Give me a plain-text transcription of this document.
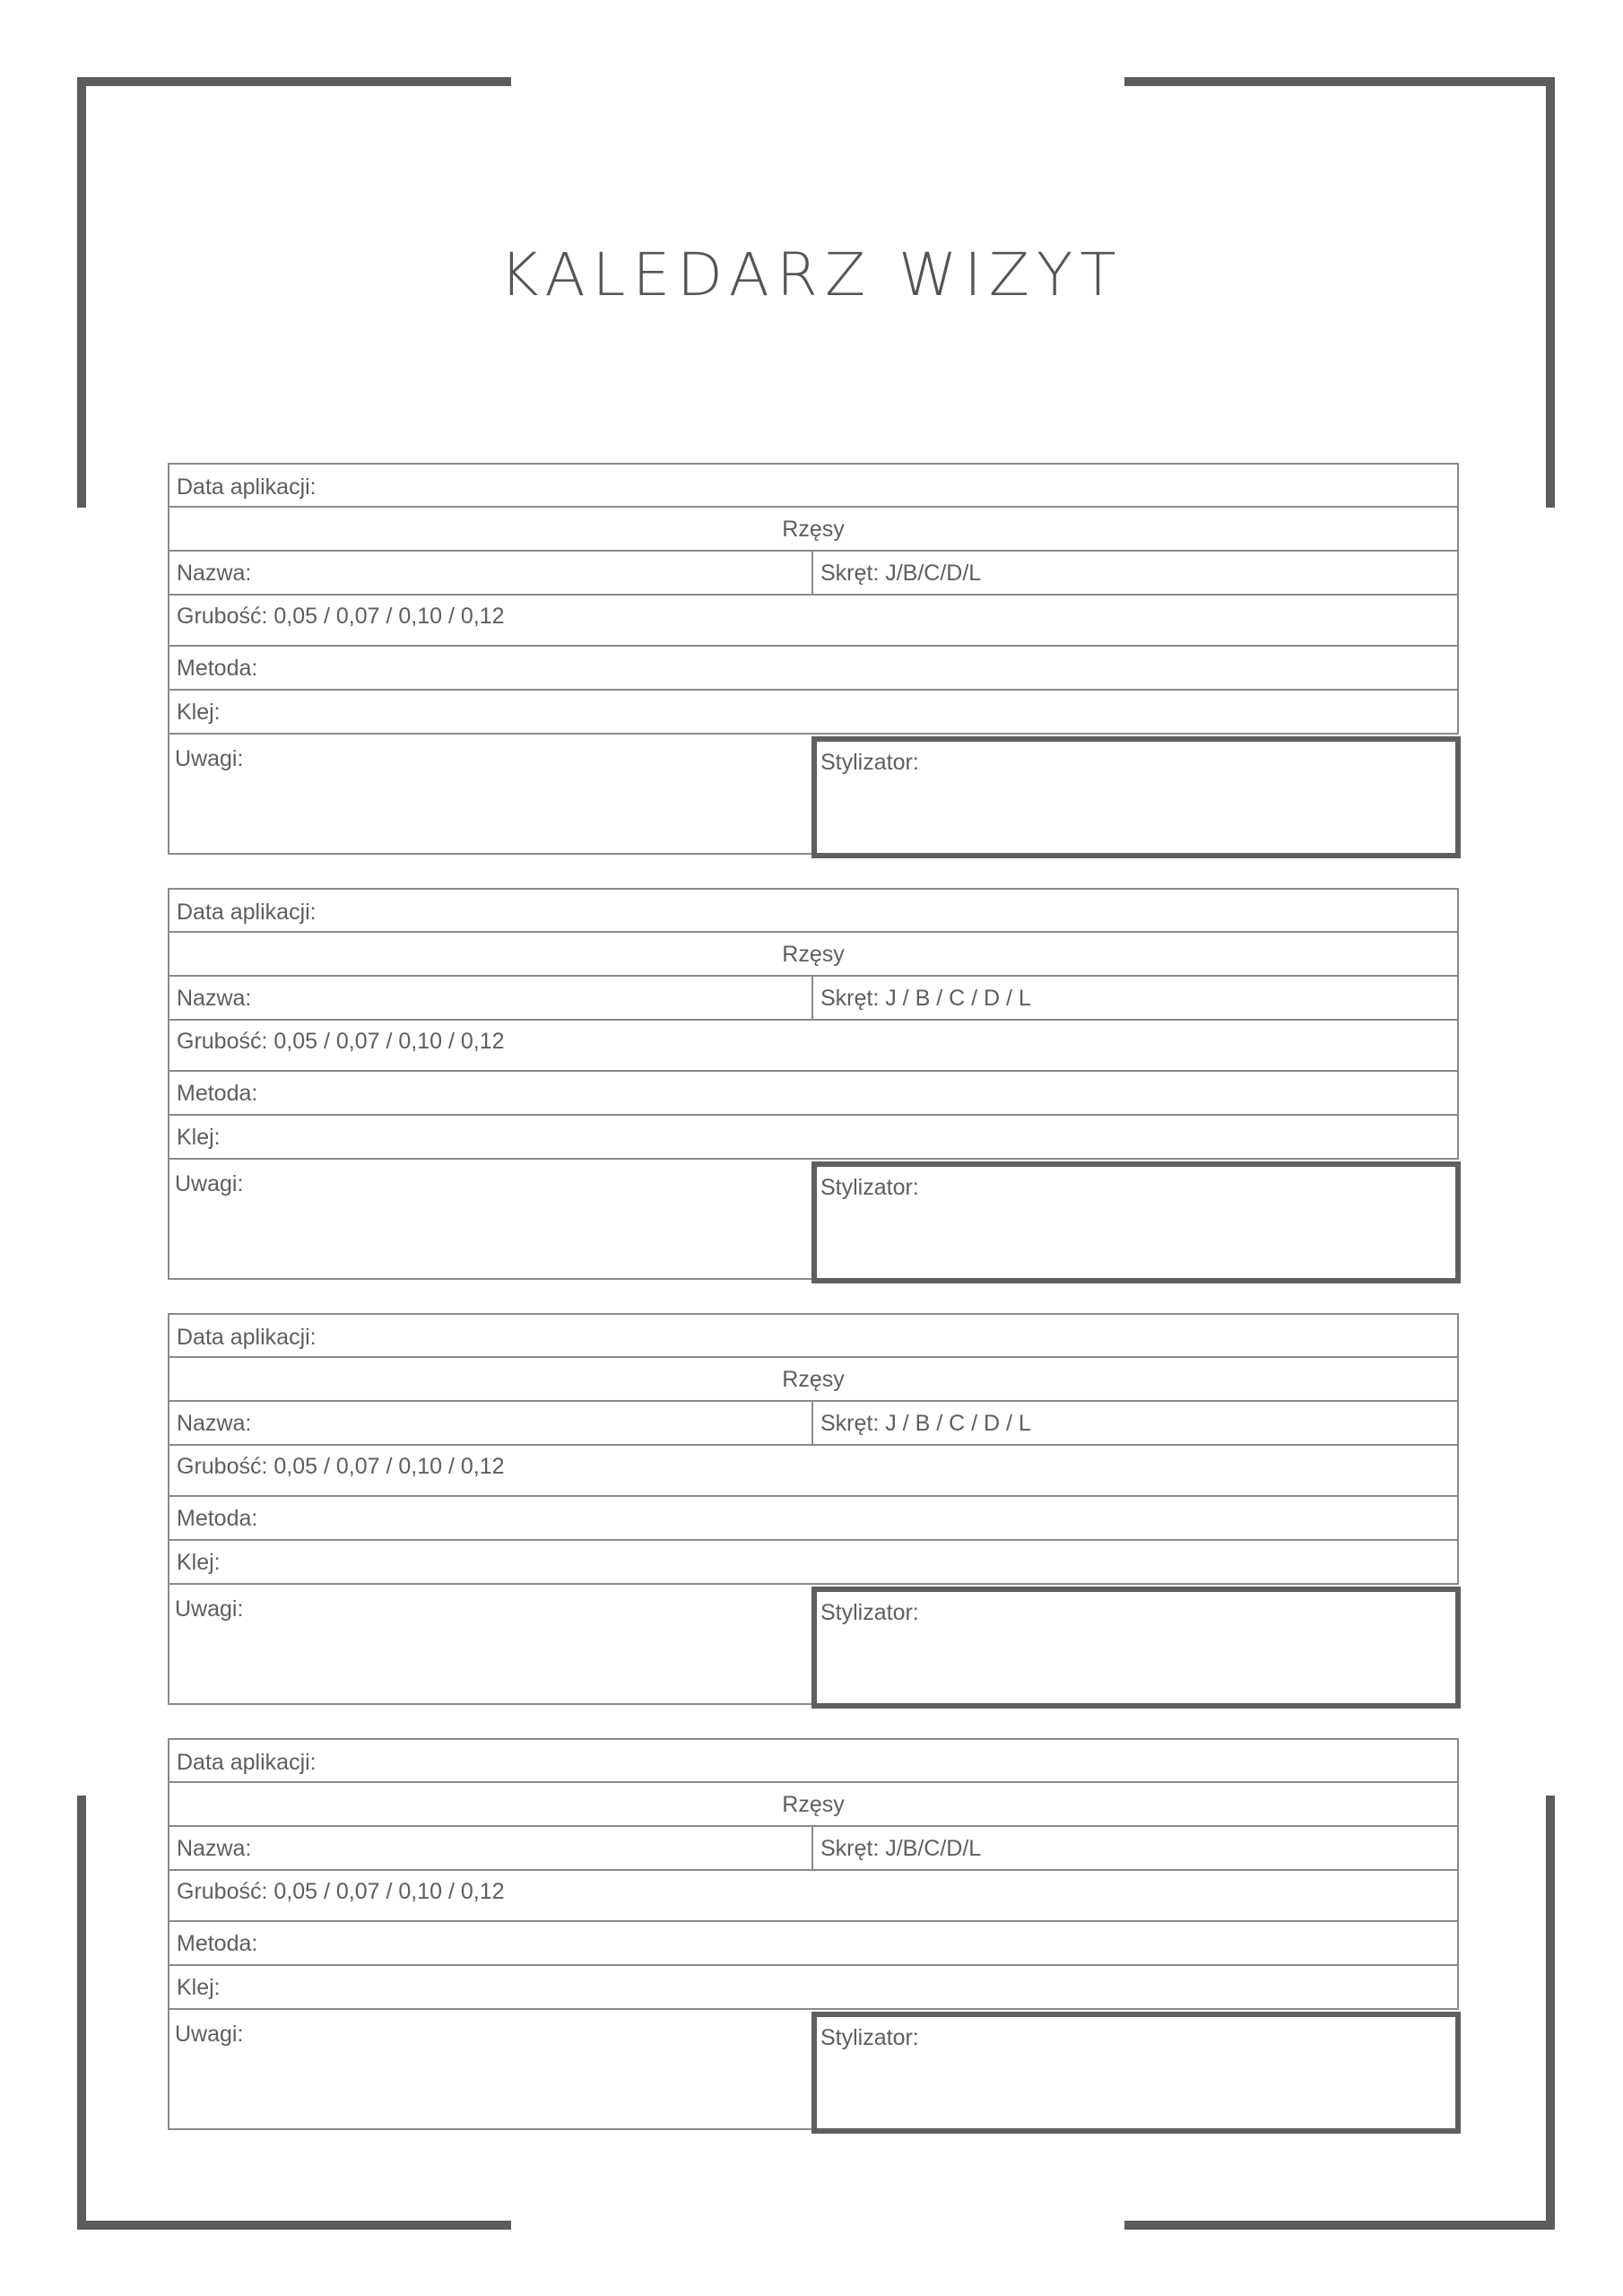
KALEDARZ WIZYT
Data aplikacji:
Rzęsy
Nazwa:	Skręt: J/B/C/D/L
Grubość: 0,05 / 0,07 / 0,10 / 0,12
Metoda:
Klej:
Uwagi:	Stylizator:
Data aplikacji:
Rzęsy
Nazwa:	Skręt: J / B / C / D / L
Grubość: 0,05 / 0,07 / 0,10 / 0,12
Metoda:
Klej:
Uwagi:	Stylizator:
Data aplikacji:
Rzęsy
Nazwa:	Skręt: J / B / C / D / L
Grubość: 0,05 / 0,07 / 0,10 / 0,12
Metoda:
Klej:
Uwagi:	Stylizator:
Data aplikacji:
Rzęsy
Nazwa:	Skręt: J/B/C/D/L
Grubość: 0,05 / 0,07 / 0,10 / 0,12
Metoda:
Klej:
Uwagi:	Stylizator:
